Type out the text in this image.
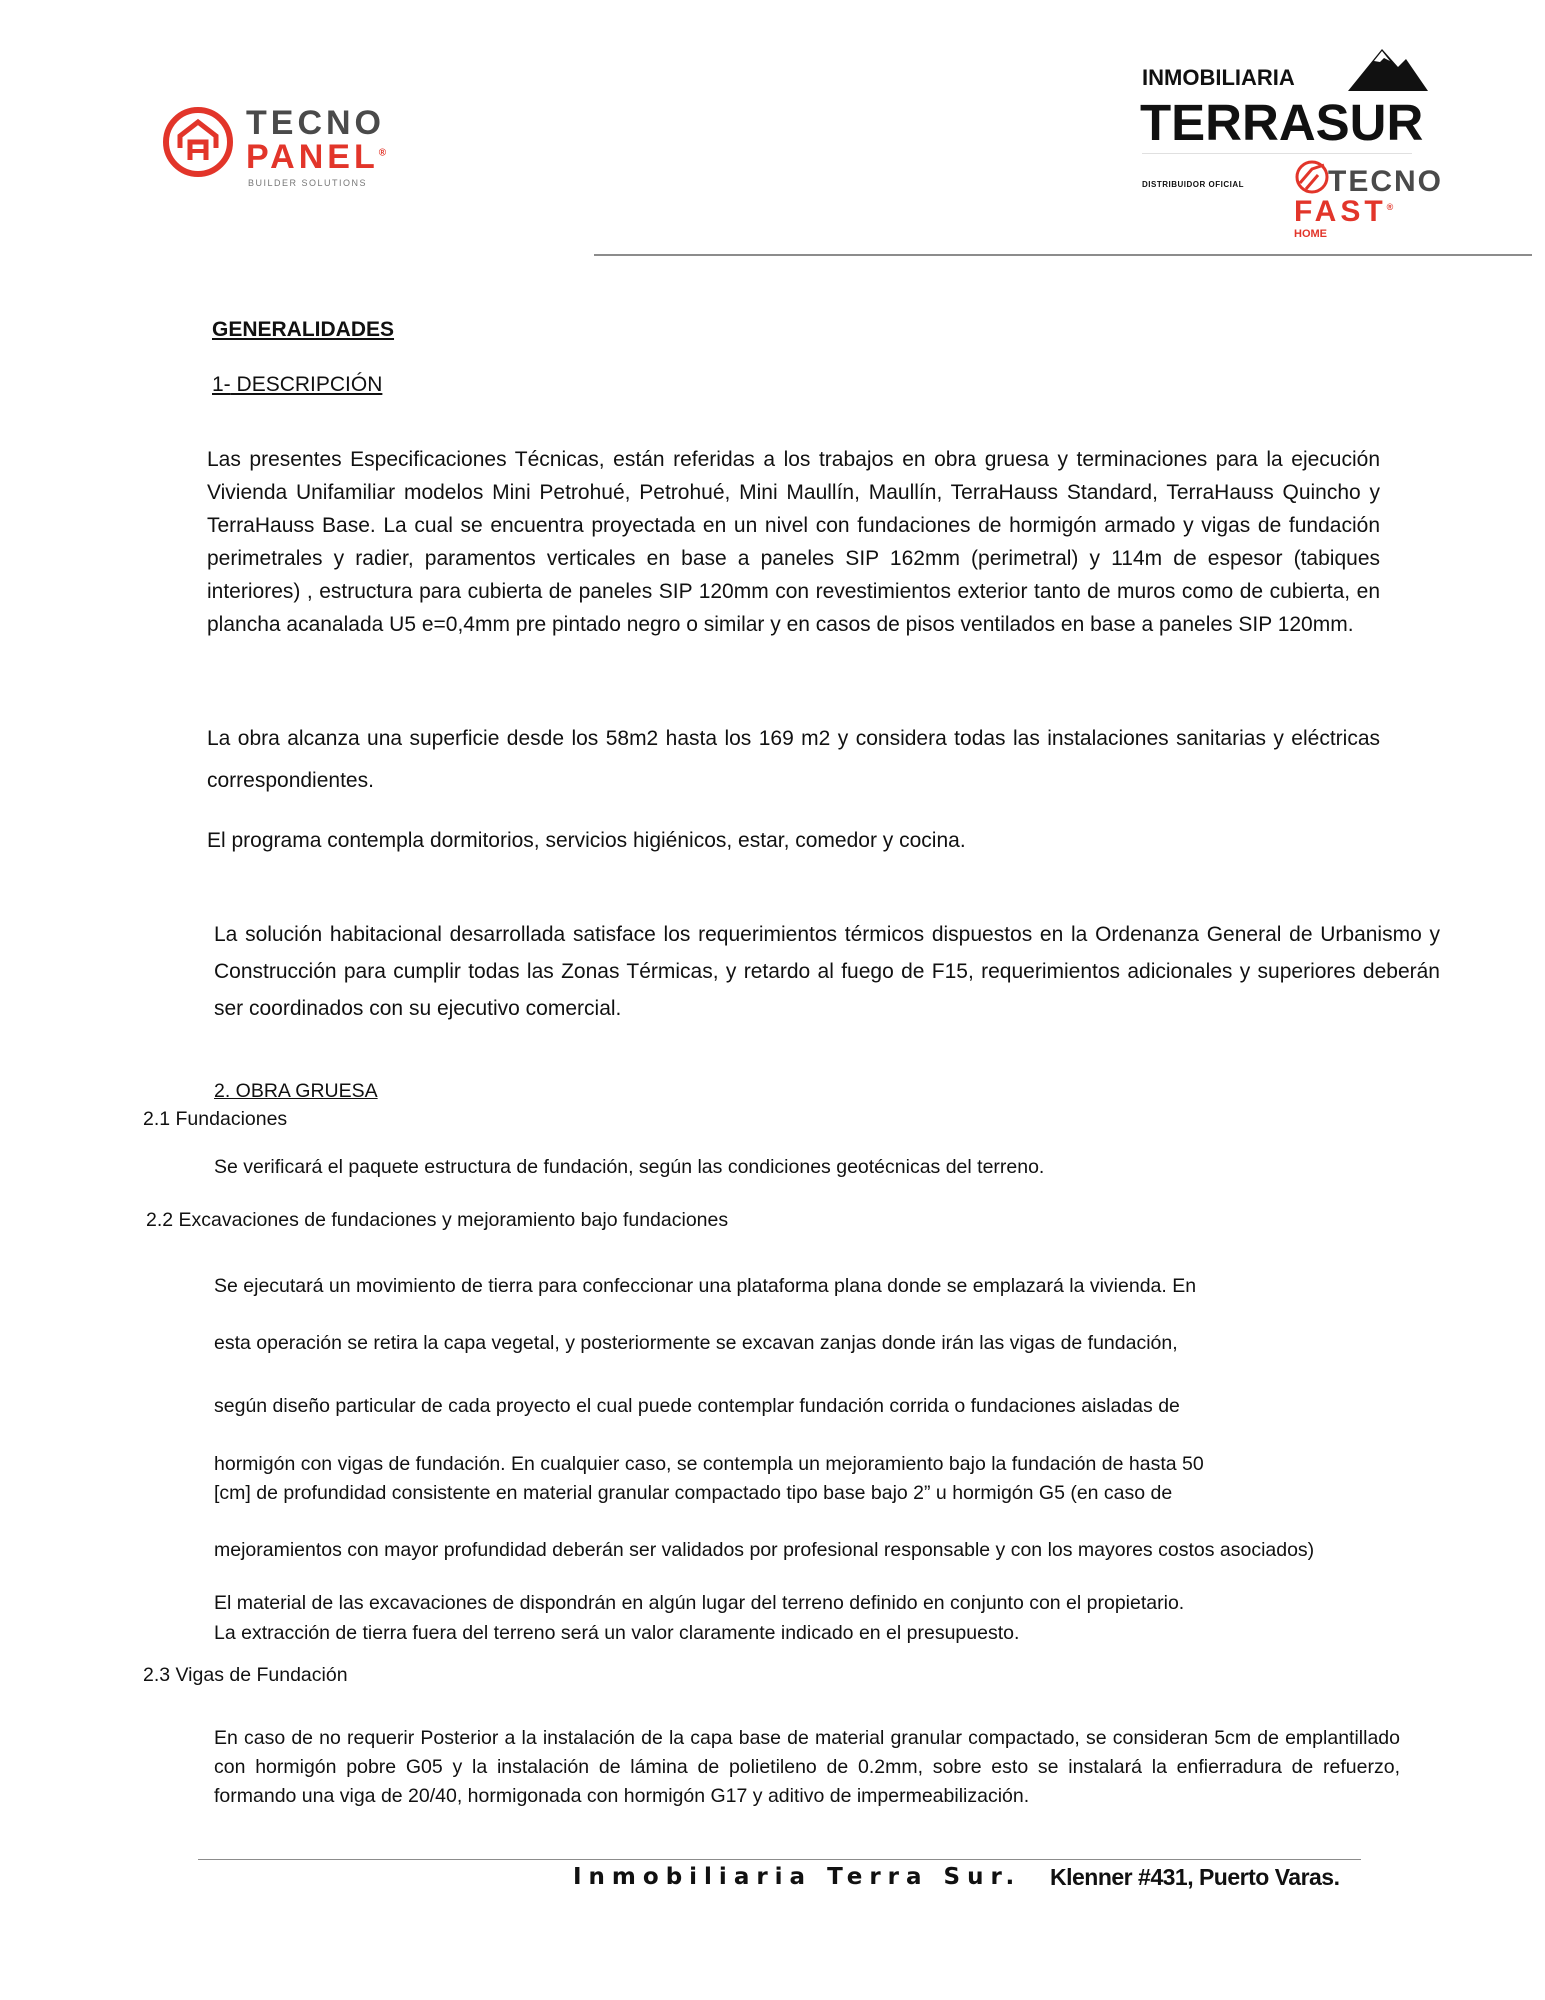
TECNO
PANEL®
BUILDER SOLUTIONS
INMOBILIARIA
TERRASUR
DISTRIBUIDOR OFICIAL	TECNO
FAST®
HOME
GENERALIDADES
1- DESCRIPCIÓN
Las presentes Especificaciones Técnicas, están referidas a los trabajos en obra gruesa y terminaciones para la ejecución Vivienda Unifamiliar modelos Mini Petrohué, Petrohué, Mini Maullín, Maullín, TerraHauss Standard, TerraHauss Quincho y TerraHauss Base. La cual se encuentra proyectada en un nivel con fundaciones de hormigón armado y vigas de fundación perimetrales y radier, paramentos verticales en base a paneles SIP 162mm (perimetral) y 114m de espesor (tabiques interiores) , estructura para cubierta de paneles SIP 120mm con revestimientos exterior tanto de muros como de cubierta, en plancha acanalada U5 e=0,4mm pre pintado negro o similar y en casos de pisos ventilados en base a paneles SIP 120mm.
La obra alcanza una superficie desde los 58m2 hasta los 169 m2 y considera todas las instalaciones sanitarias y eléctricas correspondientes.
El programa contempla dormitorios, servicios higiénicos, estar, comedor y cocina.
La solución habitacional desarrollada satisface los requerimientos térmicos dispuestos en la Ordenanza General de Urbanismo y Construcción para cumplir todas las Zonas Térmicas, y retardo al fuego de F15, requerimientos adicionales y superiores deberán ser coordinados con su ejecutivo comercial.
2. OBRA GRUESA
2.1 Fundaciones
Se verificará el paquete estructura de fundación, según las condiciones geotécnicas del terreno.
2.2 Excavaciones de fundaciones y mejoramiento bajo fundaciones
Se ejecutará un movimiento de tierra para confeccionar una plataforma plana donde se emplazará la vivienda. En
esta operación se retira la capa vegetal, y posteriormente se excavan zanjas donde irán las vigas de fundación,
según diseño particular de cada proyecto el cual puede contemplar fundación corrida o fundaciones aisladas de
hormigón con vigas de fundación. En cualquier caso, se contempla un mejoramiento bajo la fundación de hasta 50
[cm] de profundidad consistente en material granular compactado tipo base bajo 2” u hormigón G5 (en caso de
mejoramientos con mayor profundidad deberán ser validados por profesional responsable y con los mayores costos asociados)
El material de las excavaciones de dispondrán en algún lugar del terreno definido en conjunto con el propietario.
La extracción de tierra fuera del terreno será un valor claramente indicado en el presupuesto.
2.3 Vigas de Fundación
En caso de no requerir Posterior a la instalación de la capa base de material granular compactado, se consideran 5cm de emplantillado con hormigón pobre G05 y la instalación de lámina de polietileno de 0.2mm, sobre esto se instalará la enfierradura de refuerzo, formando una viga de 20/40, hormigonada con hormigón G17 y aditivo de impermeabilización.
Inmobiliaria Terra Sur. Klenner #431, Puerto Varas.
